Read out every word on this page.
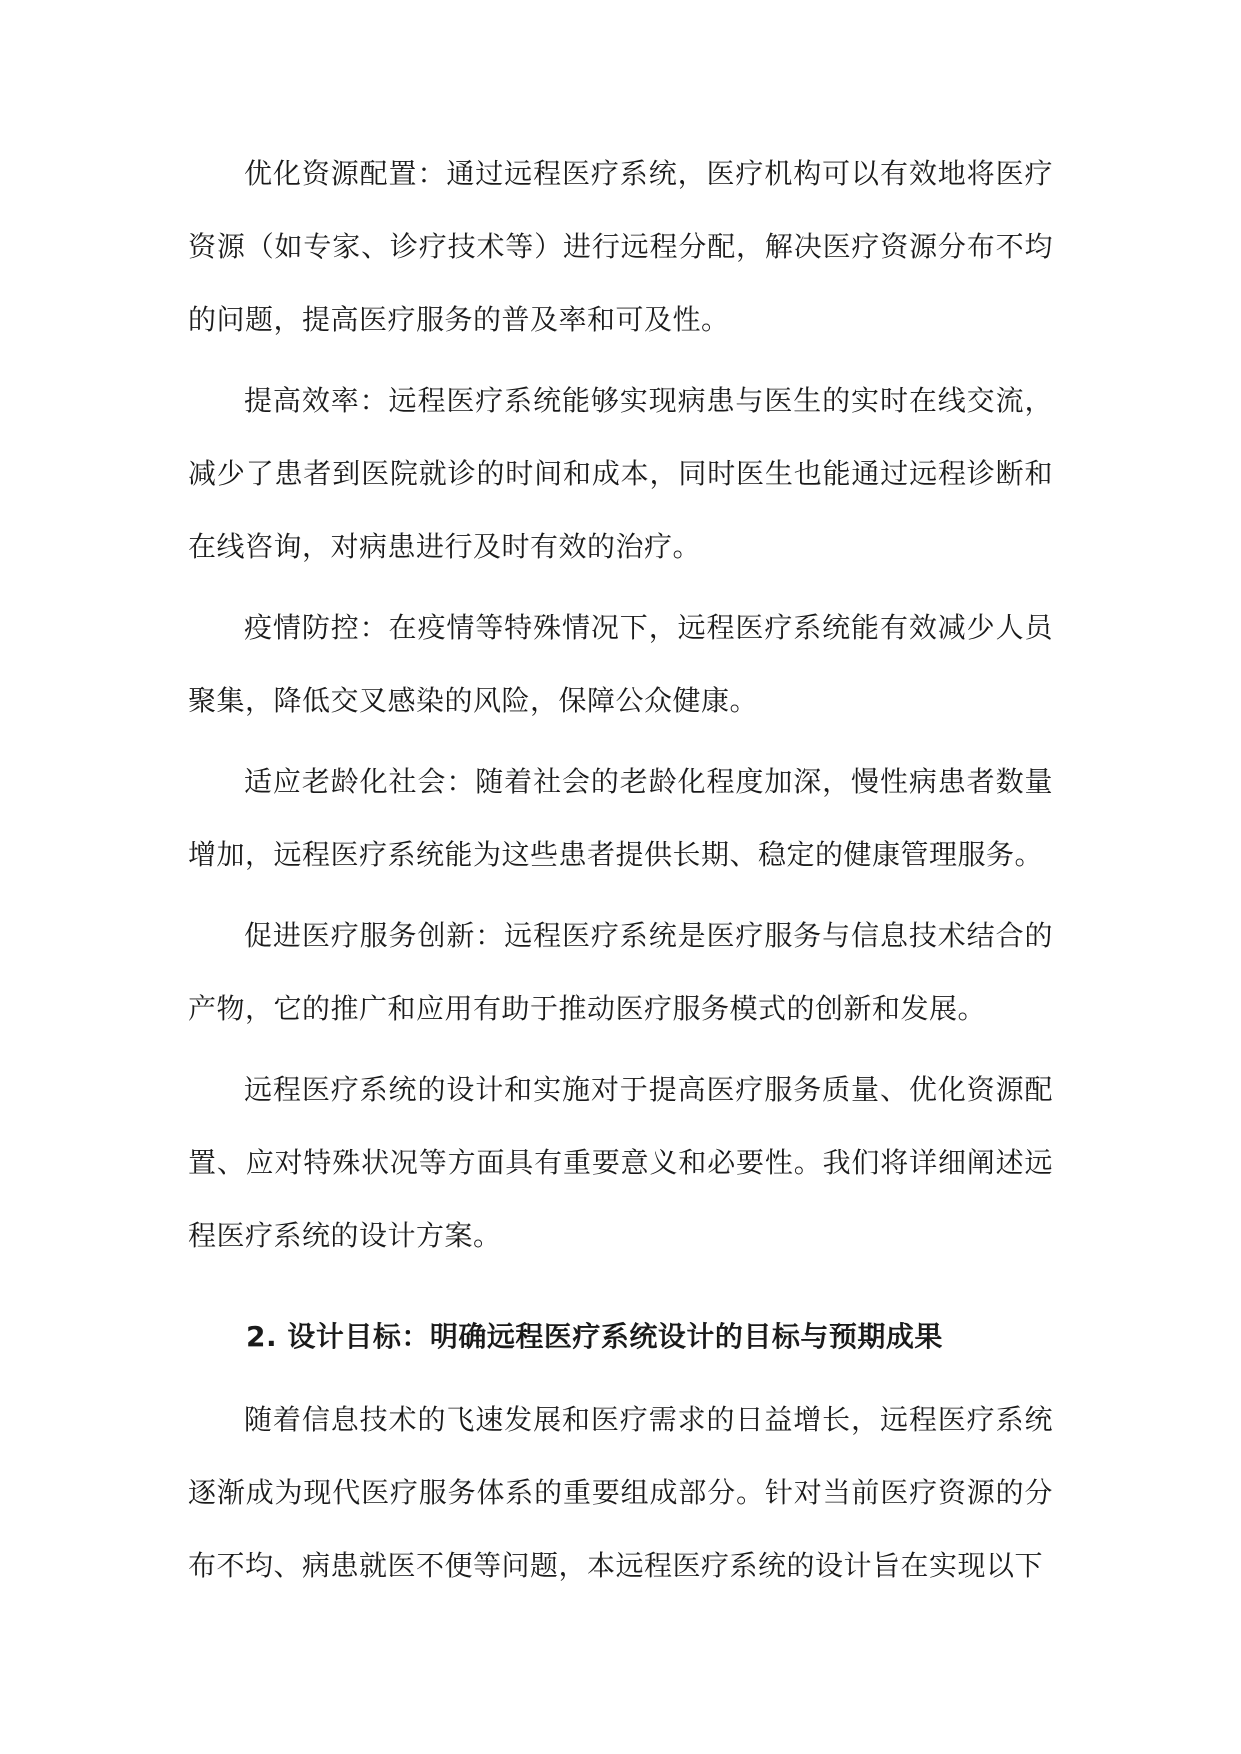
优化资源配置：通过远程医疗系统，医疗机构可以有效地将医疗资源（如专家、诊疗技术等）进行远程分配，解决医疗资源分布不均的问题，提高医疗服务的普及率和可及性。

提高效率：远程医疗系统能够实现病患与医生的实时在线交流，减少了患者到医院就诊的时间和成本，同时医生也能通过远程诊断和在线咨询，对病患进行及时有效的治疗。

疫情防控：在疫情等特殊情况下，远程医疗系统能有效减少人员聚集，降低交叉感染的风险，保障公众健康。

适应老龄化社会：随着社会的老龄化程度加深，慢性病患者数量增加，远程医疗系统能为这些患者提供长期、稳定的健康管理服务。

促进医疗服务创新：远程医疗系统是医疗服务与信息技术结合的产物，它的推广和应用有助于推动医疗服务模式的创新和发展。

远程医疗系统的设计和实施对于提高医疗服务质量、优化资源配置、应对特殊状况等方面具有重要意义和必要性。我们将详细阐述远程医疗系统的设计方案。

2. 设计目标：明确远程医疗系统设计的目标与预期成果

随着信息技术的飞速发展和医疗需求的日益增长，远程医疗系统逐渐成为现代医疗服务体系的重要组成部分。针对当前医疗资源的分布不均、病患就医不便等问题，本远程医疗系统的设计旨在实现以下
